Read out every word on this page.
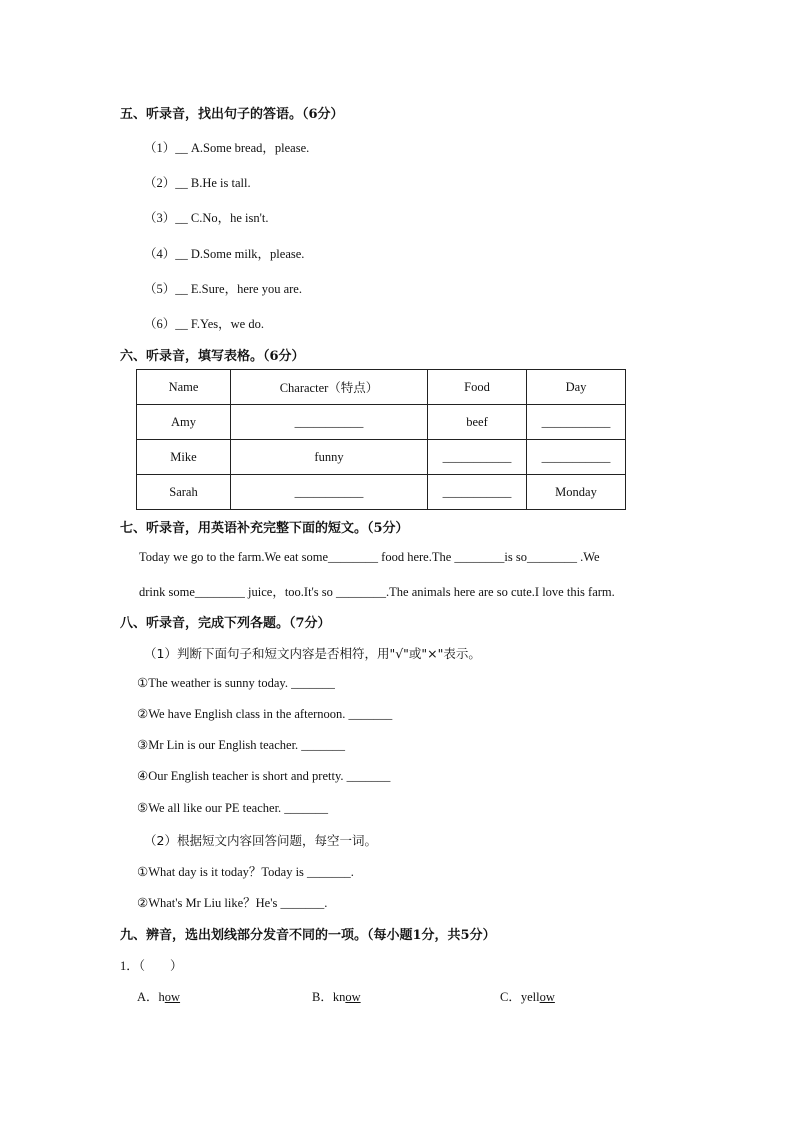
五、听录音，找出句子的答语。（6分）
（1）__ A.Some bread，please.
（2）__ B.He is tall.
（3）__ C.No，he isn't.
（4）__ D.Some milk，please.
（5）__ E.Sure，here you are.
（6）__ F.Yes，we do.
六、听录音，填写表格。（6分）
Name	Character（特点）	Food	Day
Amy	___________	beef	___________
Mike	funny	___________	___________
Sarah	___________	___________	Monday
七、听录音，用英语补充完整下面的短文。（5分）
Today we go to the farm.We eat some________ food here.The ________is so________ .We
drink some________ juice，too.It's so ________.The animals here are so cute.I love this farm.
八、听录音，完成下列各题。（7分）
（1）判断下面句子和短文内容是否相符，用"√"或"×"表示。
①The weather is sunny today. _______
②We have English class in the afternoon. _______
③Mr Lin is our English teacher. _______
④Our English teacher is short and pretty. _______
⑤We all like our PE teacher. _______
（2）根据短文内容回答问题，每空一词。
①What day is it today？Today is _______.
②What's Mr Liu like？He's _______.
九、辨音，选出划线部分发音不同的一项。（每小题1分，共5分）
1．（　　）
A．how	B．know	C．yellow
